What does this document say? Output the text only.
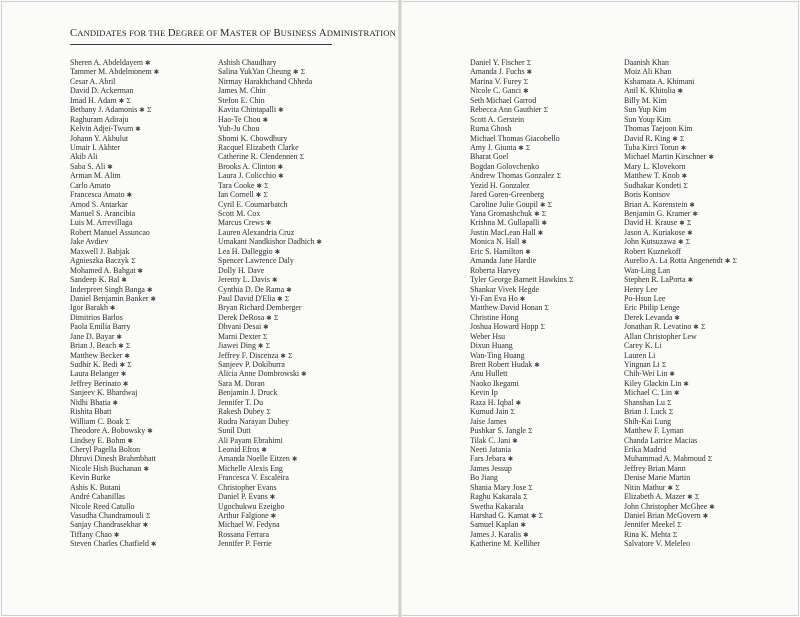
CANDIDATES FOR THE DEGREE OF MASTER OF BUSINESS ADMINISTRATION
Sheren A. Abdeldayem ✱
Tammer M. Abdelmonem ✱
Cesar A. Abril
David D. Ackerman
Imad H. Adam ✱ Σ
Bethany J. Adamonis ✱ Σ
Raghuram Adiraju
Kelvin Adjei-Twum ✱
Johann Y. Akbulut
Umair I. Akhter
Akib Ali
Saba S. Ali ✱
Arman M. Alim
Carlo Amato
Francesca Amato ✱
Amod S. Antarkar
Manuel S. Arancibia
Luis M. Arrevillaga
Robert Manuel Assuncao
Jake Avdiev
Maxwell J. Babjak
Agnieszka Baczyk Σ
Mohamed A. Bahgat ✱
Sandeep K. Bal ✱
Inderpreet Singh Banga ✱
Daniel Benjamin Banker ✱
Igor Barakh ✱
Dimitrios Barlos
Paola Emilia Barry
Jane D. Bayar ✱
Brian J. Beach ✱ Σ
Matthew Becker ✱
Sudhir K. Bedi ✱ Σ
Laura Belanger ✱
Jeffrey Berinato ✱
Sanjeev K. Bhardwaj
Nidhi Bhatia ✱
Rishita Bhatt
William C. Boak Σ
Theodore A. Bobowsky ✱
Lindsey E. Bohm ✱
Cheryl Pagella Bolton
Dhruvi Dinesh Brahmbhatt
Nicole Hish Buchanan ✱
Kevin Burke
Ashis K. Butani
André Cabanillas
Nicole Reed Catullo
Vasudha Chandramouli Σ
Sanjay Chandrasekhar ✱
Tiffany Chao ✱
Steven Charles Chatfield ✱
Ashish Chaudhary
Salina YukYan Cheung ✱ Σ
Nirmay Harakhchand Chheda
James M. Chin
Stefon E. Chin
Kavita Chintapalli ✱
Hao-Te Chou ✱
Yuh-Ju Chou
Shomi K. Chowdhury
Racquel Elizabeth Clarke
Catherine R. Clendennen Σ
Brooks A. Clinton ✱
Laura J. Colicchio ✱
Tara Cooke ✱ Σ
Ian Cornell ✱ Σ
Cyril E. Coumarbatch
Scott M. Cox
Marcus Crews ✱
Lauren Alexandria Cruz
Umakant Nandkishor Dadhich ✱
Lea H. Dalleggio ✱
Spencer Lawrence Daly
Dolly H. Dave
Jeremy L. Davis ✱
Cynthia D. De Rama ✱
Paul David D'Elia ✱ Σ
Bryan Richard Demberger
Derek DeRosa ✱ Σ
Dhvani Desai ✱
Marni Dexter Σ
Jiawei Ding ✱ Σ
Jeffrey F. Discenza ✱ Σ
Sanjeev P. Dokiburra
Alicia Anne Dombrowski ✱
Sara M. Doran
Benjamin J. Druck
Jennifer T. Du
Rakesh Dubey Σ
Rudra Narayan Dubey
Sunil Dutt
Ali Payam Ebrahimi
Leonid Efros ✱
Amanda Noelle Eitzen ✱
Michelle Alexis Eng
Francesca V. Escaleira
Christopher Evans
Daniel P. Evans ✱
Ugochukwu Ezeigbo
Arthur Falgione ✱
Michael W. Fedyna
Rossana Ferrara
Jennifer P. Ferrie
Daniel Y. Fischer Σ
Amanda J. Fuchs ✱
Marina V. Furey Σ
Nicole C. Ganci ✱
Seth Michael Garrod
Rebecca Ann Gauthier Σ
Scott A. Gerstein
Ruma Ghosh
Michael Thomas Giacobello
Amy J. Giunta ✱ Σ
Bharat Goel
Bogdan Golovchenko
Andrew Thomas Gonzalez Σ
Yezid H. Gonzalez
Jared Goren-Greenberg
Caroline Julie Goupil ✱ Σ
Yana Gromashchuk ✱ Σ
Krishna M. Gullapalli ✱
Justin MacLean Hall ✱
Monica N. Hall ✱
Eric S. Hamilton ✱
Amanda Jane Hardie
Roberta Harvey
Tyler George Barnett Hawkins Σ
Shankar Vivek Hegde
Yi-Fan Eva Ho ✱
Matthew David Honan Σ
Christine Hong
Joshua Howard Hopp Σ
Weber Hsu
Dixun Huang
Wan-Ting Huang
Brett Robert Hudak ✱
Anu Hullett
Naoko Ikegami
Kevin Ip
Raza H. Iqbal ✱
Kumud Jain Σ
Jaise James
Pushkar S. Jangle Σ
Tilak C. Jani ✱
Neeti Jatania
Fars Jebara ✱
James Jessup
Bo Jiang
Shania Mary Jose Σ
Raghu Kakarala Σ
Swetha Kakarala
Harshad G. Kamat ✱ Σ
Samuel Kaplan ✱
James J. Karalis ✱
Katherine M. Kelliher
Daanish Khan
Moiz Ali Khan
Kshamata A. Khimani
Anil K. Khitolia ✱
Billy M. Kim
Sun Yup Kim
Sun Youp Kim
Thomas Taejoon Kim
David R. King ✱ Σ
Tuba Kirci Torun ✱
Michael Martin Kirschner ✱
Mary L. Klovekorn
Matthew T. Knob ✱
Sudhakar Kondeti Σ
Boris Kontsov
Brian A. Korenstein ✱
Benjamin G. Kramer ✱
David H. Krause ✱ Σ
Jason A. Kuriakose ✱
John Kutsuzawa ✱ Σ
Robert Kuznekoff
Aurelio A. La Rotta Angenendt ✱ Σ
Wan-Ling Lan
Stephen R. LaPorta ✱
Henry Lee
Po-Hsun Lee
Eric Philip Lenge
Derek Levanda ✱
Jonathan R. Levatino ✱ Σ
Allan Christopher Lew
Carey K. Li
Lauren Li
Yingnan Li Σ
Chih-Wei Lin ✱
Kiley Glackin Lin ✱
Michael C. Lin ✱
Shanshan Lu Σ
Brian J. Luck Σ
Shih-Kai Lung
Matthew F. Lyman
Chanda Latrice Macias
Erika Madrid
Muhammad A. Mahmoud Σ
Jeffrey Brian Mann
Denise Marie Martin
Nitin Mathur ✱ Σ
Elizabeth A. Mazer ✱ Σ
John Christopher McGhee ✱
Daniel Brian McGovern ✱
Jennifer Meekel Σ
Rina K. Mehta Σ
Salvatore V. Meleleo
